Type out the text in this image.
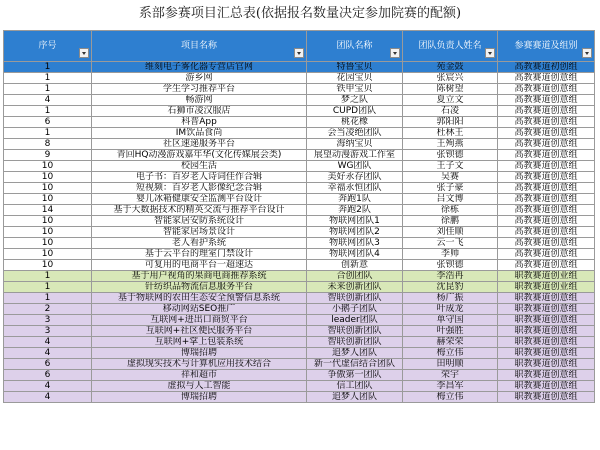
系部参赛项目汇总表(依据报名数量决定参加院赛的配额)
序号	项目名称	团队名称	团队负责人姓名	参赛赛道及组别

1	维刻电子雾化器专营店官网	特鲁宝贝	苑金鼓	高教赛道初创组
1	游乡网	花园宝贝	张宸兴	高教赛道创意组
1	学生学习推荐平台	铁甲宝贝	陈树望	高教赛道创意组
4	畅游网	梦之队	夏立文	高教赛道创意组
1	石狮市凌汉服店	CUPD团队	石凌	高教赛道创意组
6	科普App	桃花橡	郭阳阳	高教赛道创意组
1	IM饮品食尚	会当凌绝团队	杜林王	高教赛道创意组
8	社区速递服务平台	海纳宝贝	王殉燕	高教赛道创意组
9	青回HQ动漫游戏嘉年华(文化传媒展会类)	展望动漫游戏工作室	张钡德	高教赛道创意组
10	校园生活	WG团队	王子文	高教赛道创意组
10	电子书：百岁老人诗词佳作合辑	美好永存团队	吴赛	高教赛道创意组
10	短视频：百岁老人影像纪念合辑	幸福永恒团队	张子豪	高教赛道创意组
10	婴儿冰箱健康安全监测平台设计	奔跑1队	吕文博	高教赛道创意组
14	基于大数据技术的精英交流与推荐平台设计	奔跑2队	徐栋	高教赛道创意组
10	智能家居安防系统设计	物联网团队1	徐鹏	高教赛道创意组
10	智能家居场景设计	物联网团队2	刘佳顺	高教赛道创意组
10	老人看护系统	物联网团队3	云一飞	高教赛道创意组
10	基于云平台的理室门禁设计	物联网团队4	李帅	高教赛道创意组
10	可复用的电商平台一超速达	创新意	张钡德	高教赛道创意组
1	基于用户视角的果商电商推荐系统	合创团队	李浩冉	职教赛道创业组
1	针纺织品物流信息服务平台	未来创新团队	沈昆豹	职教赛道创业组
1	基于物联网的农田生态安全预警信息系统	智联创新团队	杨广振	职教赛道创意组
2	移动网站SEO推广	小鹅子团队	叶成龙	职教赛道创意组
3	互联网+进出口商贸平台	leader团队	单守国	职教赛道创意组
3	互联网+社区便民服务平台	智联创新团队	叶强胜	职教赛道创意组
4	互联网+掌上包装系统	智联创新团队	赫荣荣	职教赛道创意组
4	博瑞招聘	追梦人团队	梅立伟	职教赛道创意组
6	虚拟现实技术与计算机应用技术结合	新一代虚信结合团队	田明顺	职教赛道创意组
6	祥和超市	争傲第一团队	荣宇	职教赛道创意组
4	虚拟与人工智能	信工团队	李昌军	职教赛道创意组
4	博瑞招聘	追梦人团队	梅立伟	职教赛道创意组
